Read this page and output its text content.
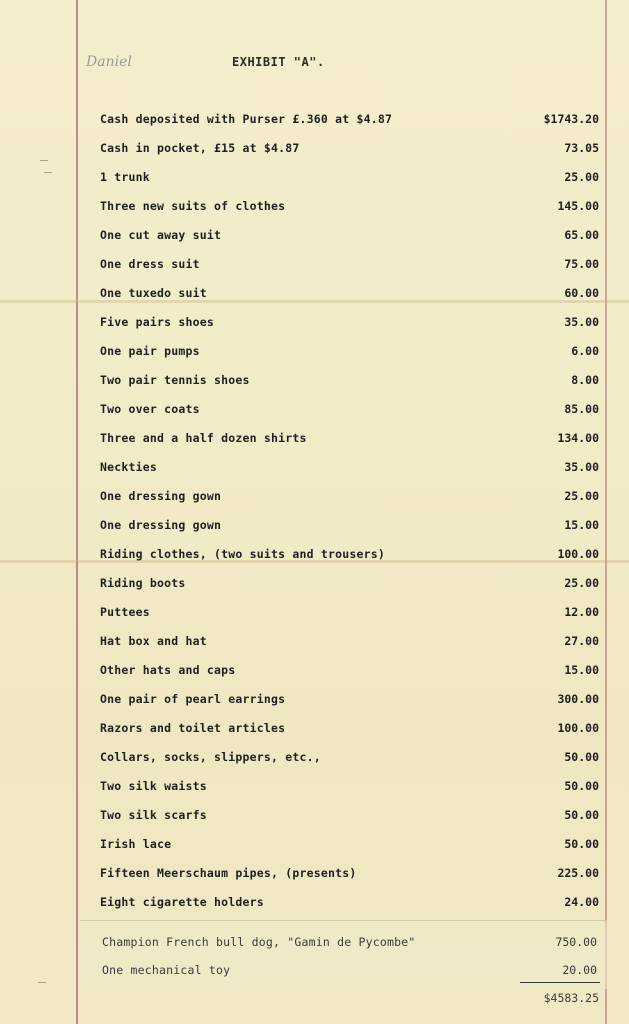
Daniel	EXHIBIT "A".
Cash deposited with Purser £.360 at $4.87	$1743.20
Cash in pocket, £15 at $4.87	73.05
1 trunk	25.00
Three new suits of clothes	145.00
One cut away suit	65.00
One dress suit	75.00
One tuxedo suit	60.00
Five pairs shoes	35.00
One pair pumps	6.00
Two pair tennis shoes	8.00
Two over coats	85.00
Three and a half dozen shirts	134.00
Neckties	35.00
One dressing gown	25.00
One dressing gown	15.00
Riding clothes, (two suits and trousers)	100.00
Riding boots	25.00
Puttees	12.00
Hat box and hat	27.00
Other hats and caps	15.00
One pair of pearl earrings	300.00
Razors and toilet articles	100.00
Collars, socks, slippers, etc.,	50.00
Two silk waists	50.00
Two silk scarfs	50.00
Irish lace	50.00
Fifteen Meerschaum pipes, (presents)	225.00
Eight cigarette holders	24.00
Champion French bull dog, "Gamin de Pycombe"	750.00
One mechanical toy	20.00
$4583.25
